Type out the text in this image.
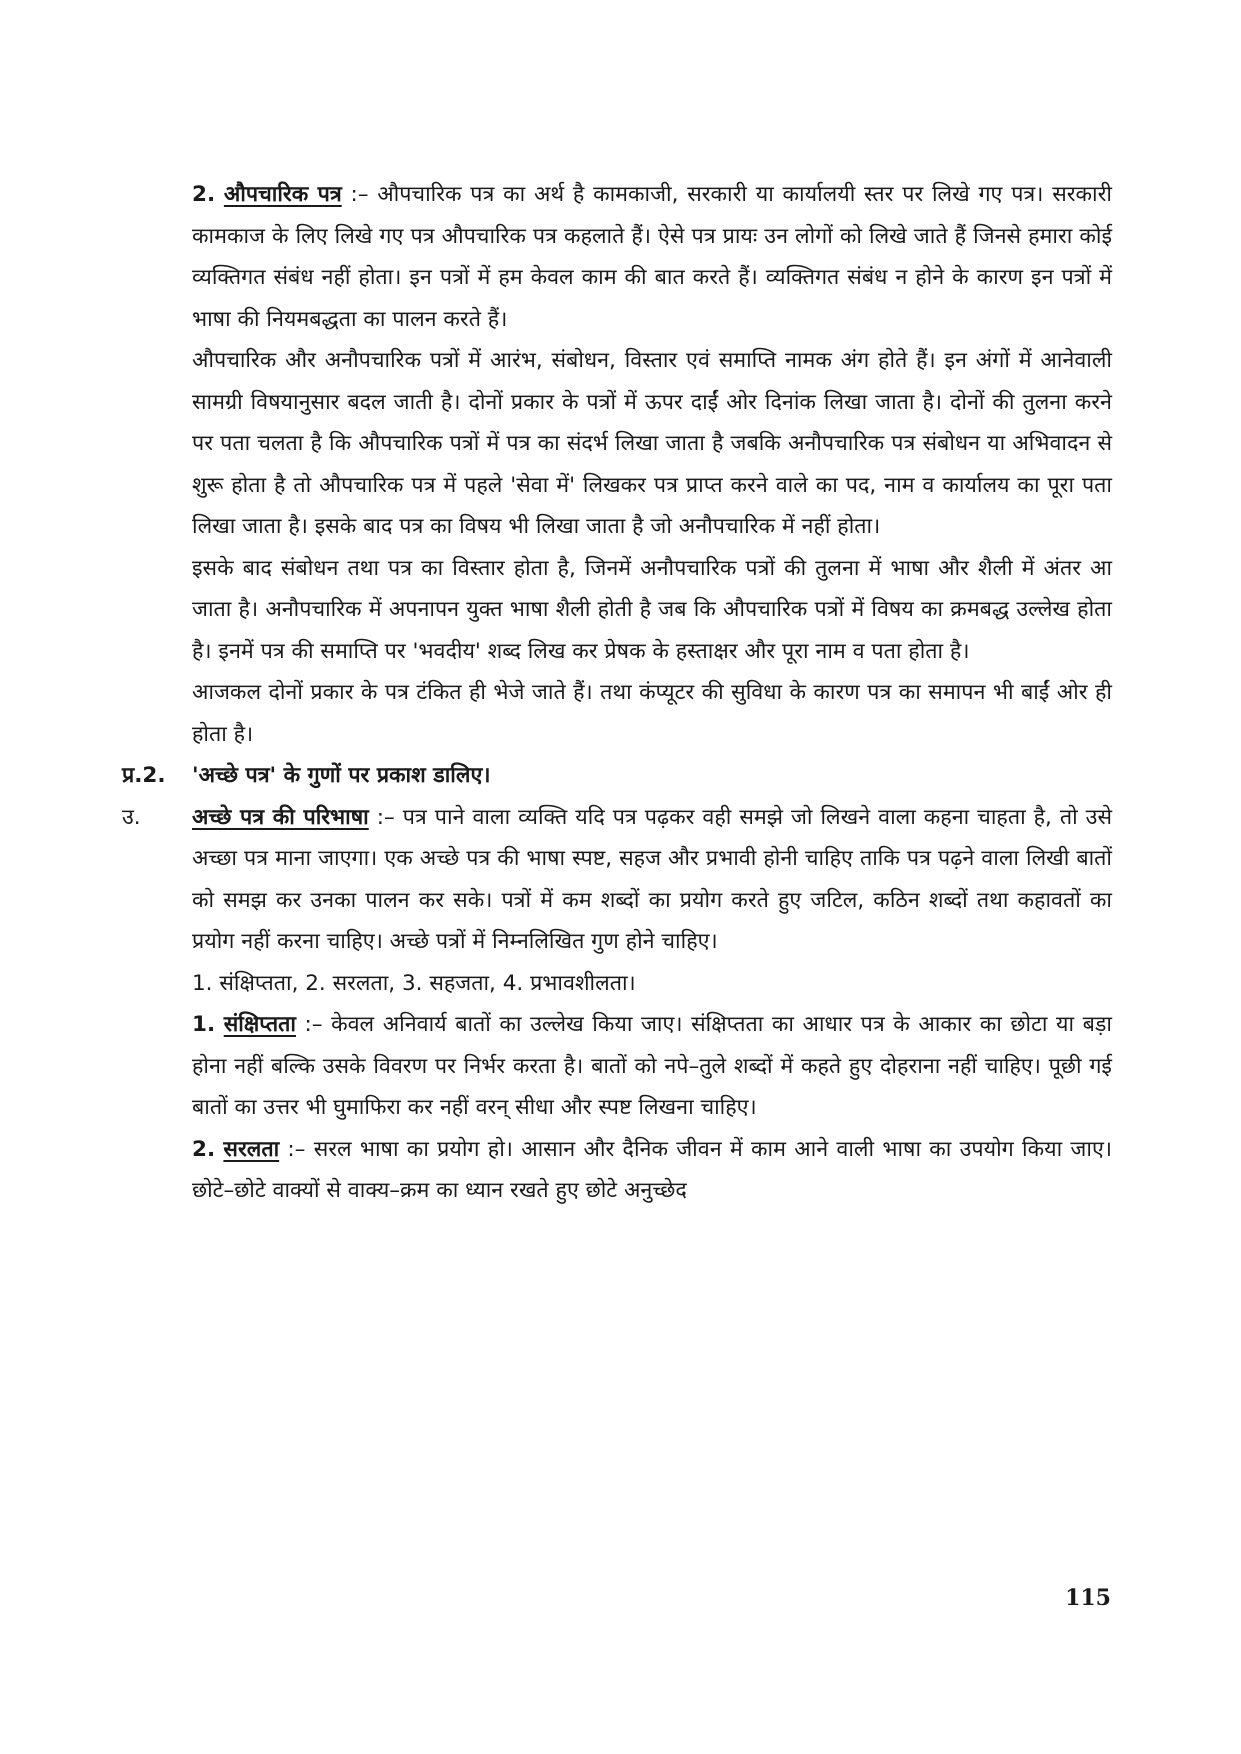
2. औपचारिक पत्र :– औपचारिक पत्र का अर्थ है कामकाजी, सरकारी या कार्यालयी स्तर पर लिखे गए पत्र। सरकारी कामकाज के लिए लिखे गए पत्र औपचारिक पत्र कहलाते हैं। ऐसे पत्र प्रायः उन लोगों को लिखे जाते हैं जिनसे हमारा कोई व्यक्तिगत संबंध नहीं होता। इन पत्रों में हम केवल काम की बात करते हैं। व्यक्तिगत संबंध न होने के कारण इन पत्रों में भाषा की नियमबद्धता का पालन करते हैं।

औपचारिक और अनौपचारिक पत्रों में आरंभ, संबोधन, विस्तार एवं समाप्ति नामक अंग होते हैं। इन अंगों में आनेवाली सामग्री विषयानुसार बदल जाती है। दोनों प्रकार के पत्रों में ऊपर दाईं ओर दिनांक लिखा जाता है। दोनों की तुलना करने पर पता चलता है कि औपचारिक पत्रों में पत्र का संदर्भ लिखा जाता है जबकि अनौपचारिक पत्र संबोधन या अभिवादन से शुरू होता है तो औपचारिक पत्र में पहले 'सेवा में' लिखकर पत्र प्राप्त करने वाले का पद, नाम व कार्यालय का पूरा पता लिखा जाता है। इसके बाद पत्र का विषय भी लिखा जाता है जो अनौपचारिक में नहीं होता।

इसके बाद संबोधन तथा पत्र का विस्तार होता है, जिनमें अनौपचारिक पत्रों की तुलना में भाषा और शैली में अंतर आ जाता है। अनौपचारिक में अपनापन युक्त भाषा शैली होती है जब कि औपचारिक पत्रों में विषय का क्रमबद्ध उल्लेख होता है। इनमें पत्र की समाप्ति पर 'भवदीय' शब्द लिख कर प्रेषक के हस्ताक्षर और पूरा नाम व पता होता है।

आजकल दोनों प्रकार के पत्र टंकित ही भेजे जाते हैं। तथा कंप्यूटर की सुविधा के कारण पत्र का समापन भी बाईं ओर ही होता है।

प्र.2. 'अच्छे पत्र' के गुणों पर प्रकाश डालिए।

उ. अच्छे पत्र की परिभाषा :– पत्र पाने वाला व्यक्ति यदि पत्र पढ़कर वही समझे जो लिखने वाला कहना चाहता है, तो उसे अच्छा पत्र माना जाएगा। एक अच्छे पत्र की भाषा स्पष्ट, सहज और प्रभावी होनी चाहिए ताकि पत्र पढ़ने वाला लिखी बातों को समझ कर उनका पालन कर सके। पत्रों में कम शब्दों का प्रयोग करते हुए जटिल, कठिन शब्दों तथा कहावतों का प्रयोग नहीं करना चाहिए। अच्छे पत्रों में निम्नलिखित गुण होने चाहिए।

1. संक्षिप्तता, 2. सरलता, 3. सहजता, 4. प्रभावशीलता।

1. संक्षिप्तता :– केवल अनिवार्य बातों का उल्लेख किया जाए। संक्षिप्तता का आधार पत्र के आकार का छोटा या बड़ा होना नहीं बल्कि उसके विवरण पर निर्भर करता है। बातों को नपे–तुले शब्दों में कहते हुए दोहराना नहीं चाहिए। पूछी गई बातों का उत्तर भी घुमाफिरा कर नहीं वरन् सीधा और स्पष्ट लिखना चाहिए।

2. सरलता :– सरल भाषा का प्रयोग हो। आसान और दैनिक जीवन में काम आने वाली भाषा का उपयोग किया जाए। छोटे–छोटे वाक्यों से वाक्य–क्रम का ध्यान रखते हुए छोटे अनुच्छेद

115
